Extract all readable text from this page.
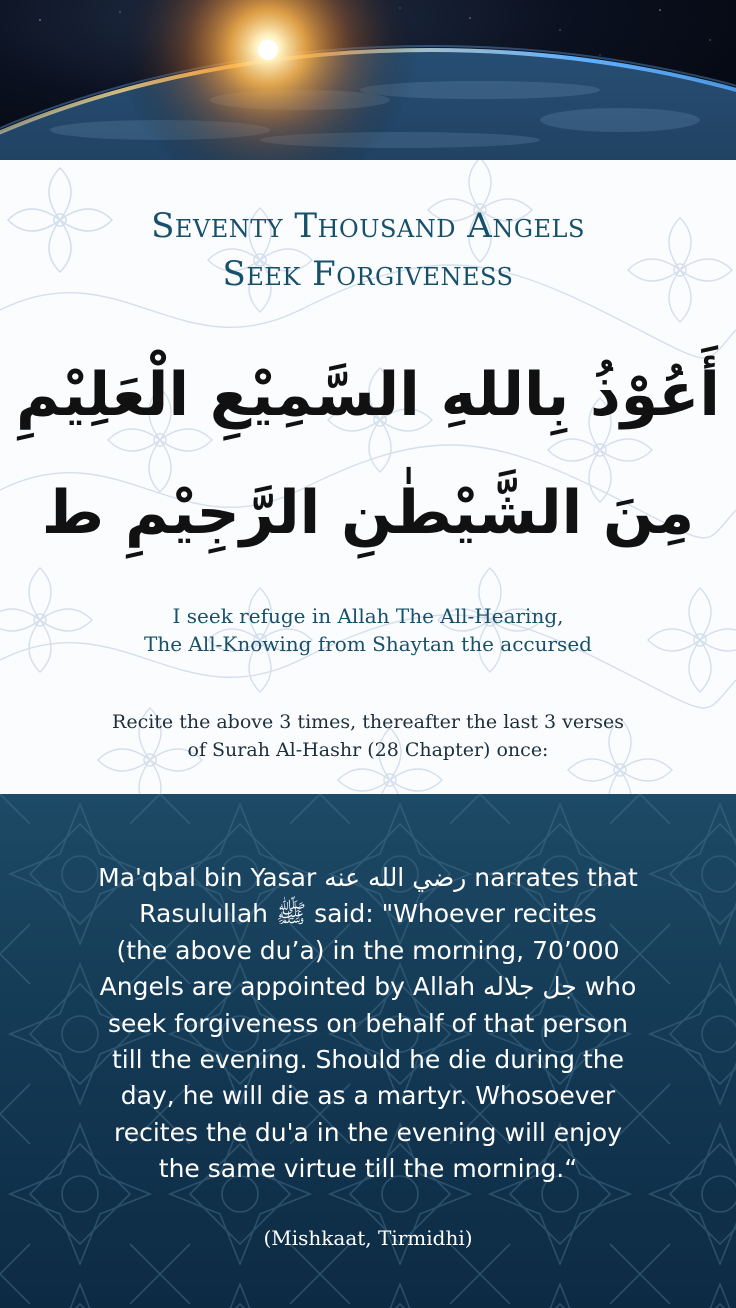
Seventy Thousand Angels
Seek Forgiveness

أَعُوْذُ بِاللهِ السَّمِيْعِ الْعَلِيْمِ

مِنَ الشَّيْطٰنِ الرَّجِيْمِ ط

I seek refuge in Allah The All-Hearing,
The All-Knowing from Shaytan the accursed

Recite the above 3 times, thereafter the last 3 verses
of Surah Al-Hashr (28 Chapter) once:

Ma'qbal bin Yasar رضي الله عنه narrates that
Rasulullah ﷺ said: "Whoever recites
(the above du’a) in the morning, 70’000
Angels are appointed by Allah جل جلاله who
seek forgiveness on behalf of that person
till the evening. Should he die during the
day, he will die as a martyr. Whosoever
recites the du'a in the evening will enjoy
the same virtue till the morning.“

(Mishkaat, Tirmidhi)
